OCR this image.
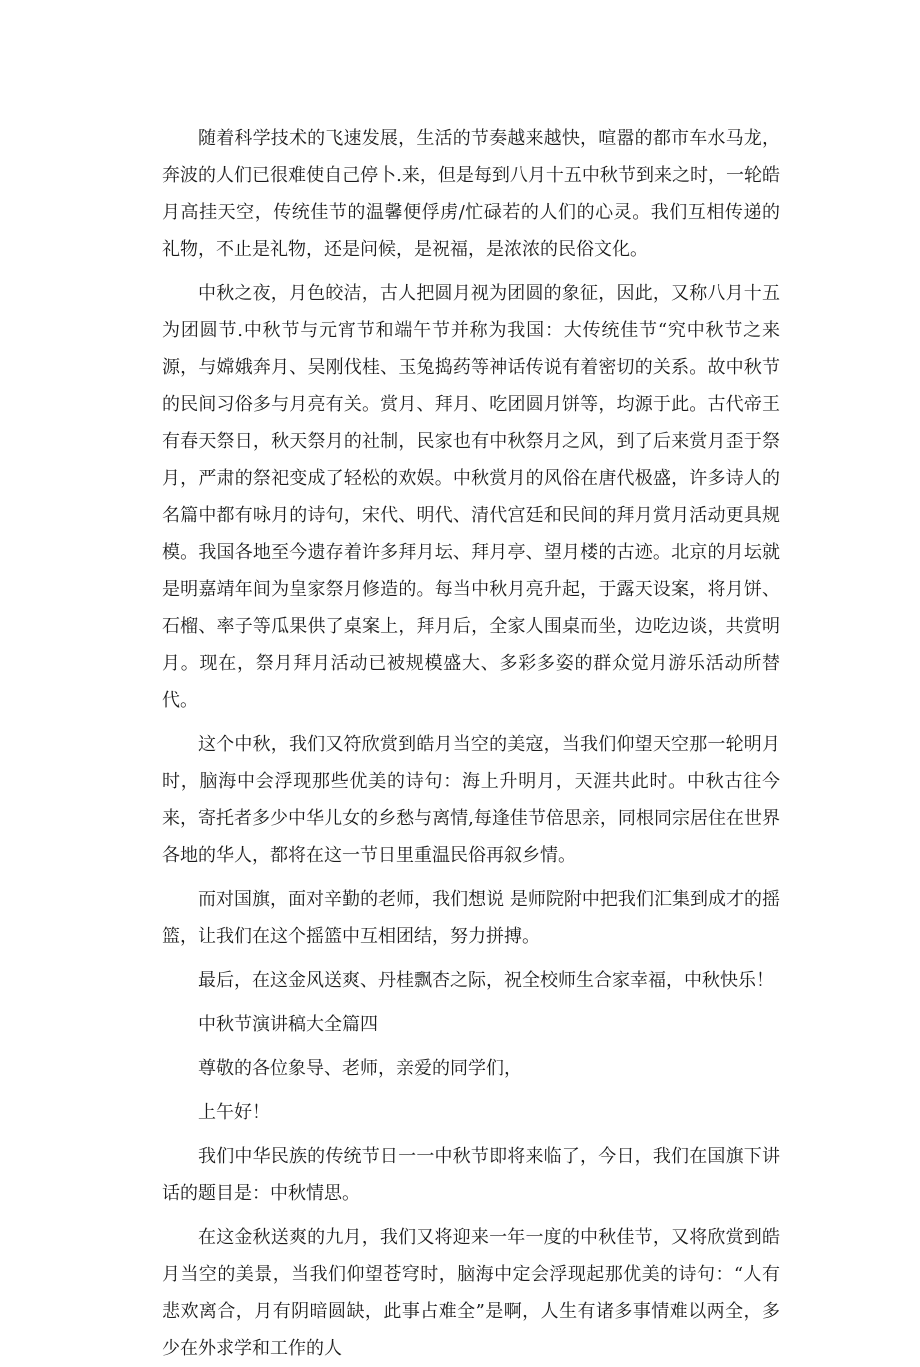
随着科学技术的飞速发展，生活的节奏越来越快，喧嚣的都市车水马龙，奔波的人们已很难使自己停卜.来，但是每到八月十五中秋节到来之时，一轮皓月高挂天空，传统佳节的温馨便俘虏/忙碌若的人们的心灵。我们互相传递的礼物，不止是礼物，还是问候，是祝福，是浓浓的民俗文化。

中秋之夜，月色皎洁，古人把圆月视为团圆的象征，因此，又称八月十五为团圆节.中秋节与元宵节和端午节并称为我国：大传统佳节“究中秋节之来源，与嫦娥奔月、吴刚伐桂、玉兔捣药等神话传说有着密切的关系。故中秋节的民间习俗多与月亮有关。赏月、拜月、吃团圆月饼等，均源于此。古代帝王有春天祭日，秋天祭月的社制，民家也有中秋祭月之风，到了后来赏月歪于祭月，严肃的祭祀变成了轻松的欢娱。中秋赏月的风俗在唐代极盛，许多诗人的名篇中都有咏月的诗句，宋代、明代、清代宫廷和民间的拜月赏月活动更具规模。我国各地至今遗存着许多拜月坛、拜月亭、望月楼的古迹。北京的月坛就是明嘉靖年间为皇家祭月修造的。每当中秋月亮升起，于露天设案，将月饼、石榴、率子等瓜果供了桌案上，拜月后，全家人围桌而坐，边吃边谈，共赏明月。现在，祭月拜月活动已被规模盛大、多彩多姿的群众觉月游乐活动所替代。

这个中秋，我们又符欣赏到皓月当空的美寇，当我们仰望天空那一轮明月时，脑海中会浮现那些优美的诗句：海上升明月，天涯共此时。中秋古往今来，寄托者多少中华儿女的乡愁与离情,每逢佳节倍思亲，同根同宗居住在世界各地的华人，都将在这一节日里重温民俗再叙乡情。

而对国旗，面对辛勤的老师，我们想说 是师院附中把我们汇集到成才的摇篮，让我们在这个摇篮中互相团结，努力拼搏。

最后，在这金风送爽、丹桂飘杏之际，祝全校师生合家幸福，中秋快乐！

中秋节演讲稿大全篇四

尊敬的各位象导、老师，亲爱的同学们，

上午好！

我们中华民族的传统节日一一中秋节即将来临了，今日，我们在国旗下讲话的题目是：中秋情思。

在这金秋送爽的九月，我们又将迎来一年一度的中秋佳节，又将欣赏到皓月当空的美景，当我们仰望苍穹时，脑海中定会浮现起那优美的诗句：“人有悲欢离合，月有阴暗圆缺，此事占难全”是啊，人生有诸多事情难以两全，多少在外求学和工作的人
